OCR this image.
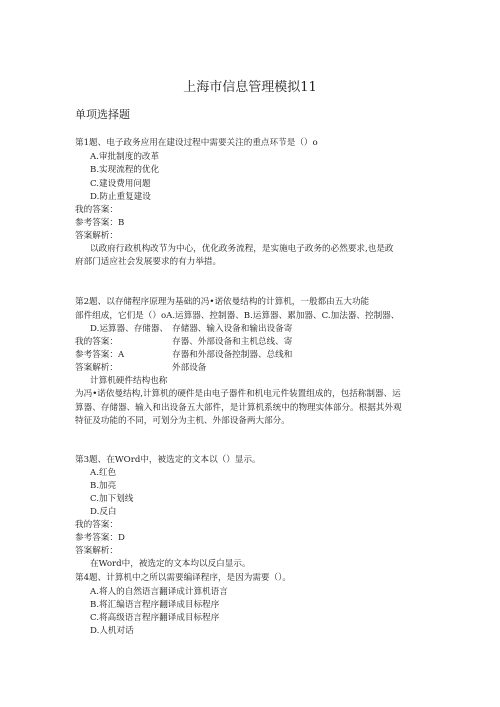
上海市信息管理模拟11
单项选择题
第1题、电子政务应用在建设过程中需要关注的重点环节是（）o
A.审批制度的改革
B.实现流程的优化
C.建设费用问题
D.防止重复建设
我的答案：
参考答案：B
答案解析：
以政府行政机构改节为中心，优化政务流程，是实施电子政务的必然要求,也是政
府部门适应社会发展要求的有力举措。
第2题、以存储程序原理为基础的冯•诺依曼结构的计算机，一般都由五大功能
部件组成，它们是（）oA.运算器、控制器、B.运算器、累加器、C.加法器、控制器、
D.运算器、存储器、 存储器、输入设备和输出设备寄
我的答案：	存器、外部设备和主机总线、寄
参考答案：A	存器和外部设备控制器、总线和
答案解析：	外部设备
计算机硬件结构也称
为冯•诺依曼结构,计算机的硬件是由电子器件和机电元件装置组成的，包括称制器、运
算器、存储器、输入和出设备五大部件，是计算机系统中的物理实体部分。根据其外观
特征及功能的不同，可划分为主机、外部设备两大部分。
第3题、在WOrd中，被选定的文本以（）显示。
A.红色
B.加亮
C.加下划线
D.反白
我的答案：
参考答案：D
答案解析：
在Word中，被选定的文本均以反白显示。
第4题、计算机中之所以需要编译程序，是因为需要（）。
A.将人的自然语言翻译成计算机语言
B.将汇编语言程序翻译成目标程序
C.将高级语言程序翻译成目标程序
D.人机对话
